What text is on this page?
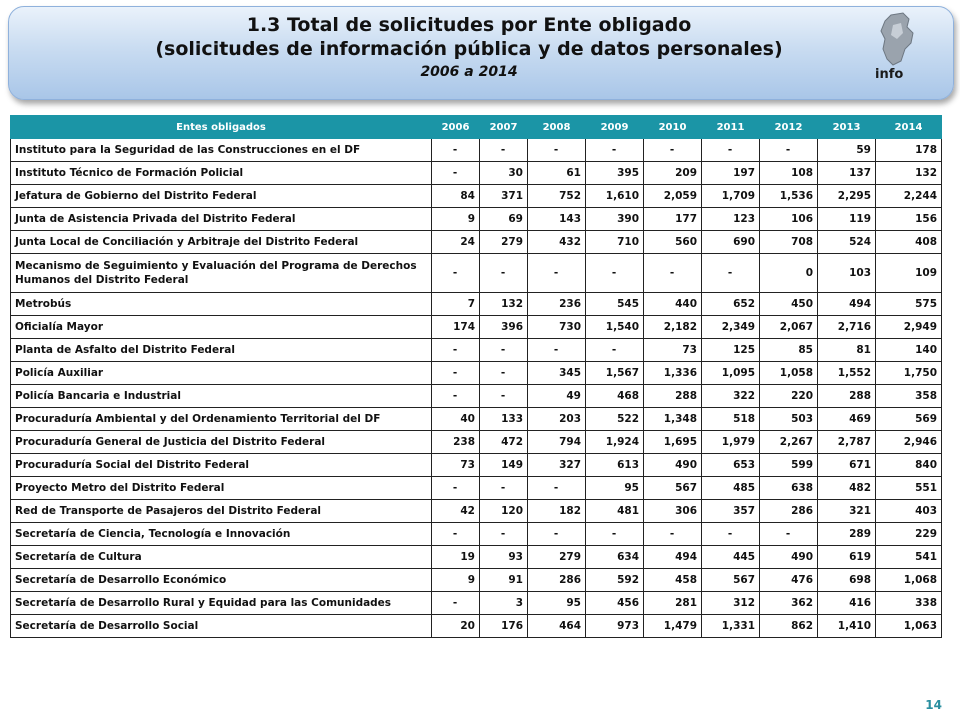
1.3 Total de solicitudes por Ente obligado
(solicitudes de información pública y de datos personales)
2006 a 2014	info
Entes obligados	2006	2007	2008	2009	2010	2011	2012	2013	2014
Instituto para la Seguridad de las Construcciones en el DF	-	-	-	-	-	-	-	59	178
Instituto Técnico de Formación Policial	-	30	61	395	209	197	108	137	132
Jefatura de Gobierno del Distrito Federal	84	371	752	1,610	2,059	1,709	1,536	2,295	2,244
Junta de Asistencia Privada del Distrito Federal	9	69	143	390	177	123	106	119	156
Junta Local de Conciliación y Arbitraje del Distrito Federal	24	279	432	710	560	690	708	524	408
Mecanismo de Seguimiento y Evaluación del Programa de Derechos Humanos del Distrito Federal	-	-	-	-	-	-	0	103	109
Metrobús	7	132	236	545	440	652	450	494	575
Oficialía Mayor	174	396	730	1,540	2,182	2,349	2,067	2,716	2,949
Planta de Asfalto del Distrito Federal	-	-	-	-	73	125	85	81	140
Policía Auxiliar	-	-	345	1,567	1,336	1,095	1,058	1,552	1,750
Policía Bancaria e Industrial	-	-	49	468	288	322	220	288	358
Procuraduría Ambiental y del Ordenamiento Territorial del DF	40	133	203	522	1,348	518	503	469	569
Procuraduría General de Justicia del Distrito Federal	238	472	794	1,924	1,695	1,979	2,267	2,787	2,946
Procuraduría Social del Distrito Federal	73	149	327	613	490	653	599	671	840
Proyecto Metro del Distrito Federal	-	-	-	95	567	485	638	482	551
Red de Transporte de Pasajeros del Distrito Federal	42	120	182	481	306	357	286	321	403
Secretaría de Ciencia, Tecnología e Innovación	-	-	-	-	-	-	-	289	229
Secretaría de Cultura	19	93	279	634	494	445	490	619	541
Secretaría de Desarrollo Económico	9	91	286	592	458	567	476	698	1,068
Secretaría de Desarrollo Rural y Equidad para las Comunidades	-	3	95	456	281	312	362	416	338
Secretaría de Desarrollo Social	20	176	464	973	1,479	1,331	862	1,410	1,063
14
